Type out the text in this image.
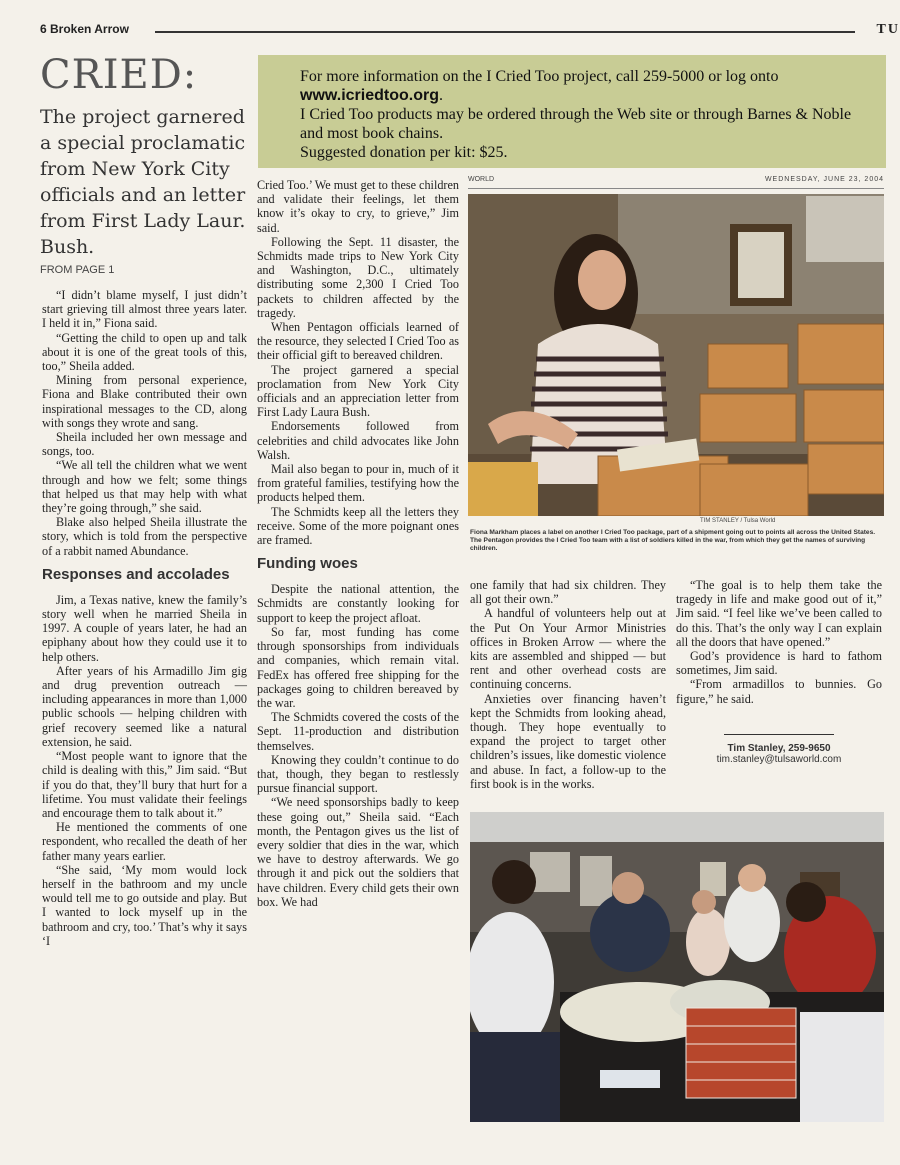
6 Broken Arrow	TU
CRIED:
The project garnered a special proclamatic from New York City officials and an letter from First Lady Laur. Bush.
FROM PAGE 1

For more information on the I Cried Too project, call 259-5000 or log onto www.icriedtoo.org.

I Cried Too products may be ordered through the Web site or through Barnes & Noble and most book chains.

Suggested donation per kit: $25.

WORLD	WEDNESDAY, JUNE 23, 2004

“I didn’t blame myself, I just didn’t start grieving till almost three years later. I held it in,” Fiona said.

“Getting the child to open up and talk about it is one of the great tools of this, too,” Sheila added.

Mining from personal experience, Fiona and Blake contributed their own inspirational messages to the CD, along with songs they wrote and sang.

Sheila included her own message and songs, too.

“We all tell the children what we went through and how we felt; some things that helped us that may help with what they’re going through,” she said.

Blake also helped Sheila illustrate the story, which is told from the perspective of a rabbit named Abundance.

Responses and accolades

Jim, a Texas native, knew the family’s story well when he married Sheila in 1997. A couple of years later, he had an epiphany about how they could use it to help others.

After years of his Armadillo Jim gig and drug prevention outreach — including appearances in more than 1,000 public schools — helping children with grief recovery seemed like a natural extension, he said.

“Most people want to ignore that the child is dealing with this,” Jim said. “But if you do that, they’ll bury that hurt for a lifetime. You must validate their feelings and encourage them to talk about it.”

He mentioned the comments of one respondent, who recalled the death of her father many years earlier.

“She said, ‘My mom would lock herself in the bathroom and my uncle would tell me to go outside and play. But I wanted to lock myself up in the bathroom and cry, too.’ That’s why it says ‘I

Cried Too.’ We must get to these children and validate their feelings, let them know it’s okay to cry, to grieve,” Jim said.

Following the Sept. 11 disaster, the Schmidts made trips to New York City and Washington, D.C., ultimately distributing some 2,300 I Cried Too packets to children affected by the tragedy.

When Pentagon officials learned of the resource, they selected I Cried Too as their official gift to bereaved children.

The project garnered a special proclamation from New York City officials and an appreciation letter from First Lady Laura Bush.

Endorsements followed from celebrities and child advocates like John Walsh.

Mail also began to pour in, much of it from grateful families, testifying how the products helped them.

The Schmidts keep all the letters they receive. Some of the more poignant ones are framed.

Funding woes

Despite the national attention, the Schmidts are constantly looking for support to keep the project afloat.

So far, most funding has come through sponsorships from individuals and companies, which remain vital. FedEx has offered free shipping for the packages going to children bereaved by the war.

The Schmidts covered the costs of the Sept. 11-production and distribution themselves.

Knowing they couldn’t continue to do that, though, they began to restlessly pursue financial support.

“We need sponsorships badly to keep these going out,” Sheila said. “Each month, the Pentagon gives us the list of every soldier that dies in the war, which we have to destroy afterwards. We go through it and pick out the soldiers that have children. Every child gets their own box. We had

TIM STANLEY / Tulsa World
Fiona Markham places a label on another I Cried Too package, part of a shipment going out to points all across the United States. The Pentagon provides the I Cried Too team with a list of soldiers killed in the war, from which they get the names of surviving children.

one family that had six children. They all got their own.”

A handful of volunteers help out at the Put On Your Armor Ministries offices in Broken Arrow — where the kits are assembled and shipped — but rent and other overhead costs are continuing concerns.

Anxieties over financing haven’t kept the Schmidts from looking ahead, though. They hope eventually to expand the project to target other children’s issues, like domestic violence and abuse. In fact, a follow-up to the first book is in the works.

“The goal is to help them take the tragedy in life and make good out of it,” Jim said. “I feel like we’ve been called to do this. That’s the only way I can explain all the doors that have opened.”

God’s providence is hard to fathom sometimes, Jim said.

“From armadillos to bunnies. Go figure,” he said.

Tim Stanley, 259-9650
tim.stanley@tulsaworld.com
